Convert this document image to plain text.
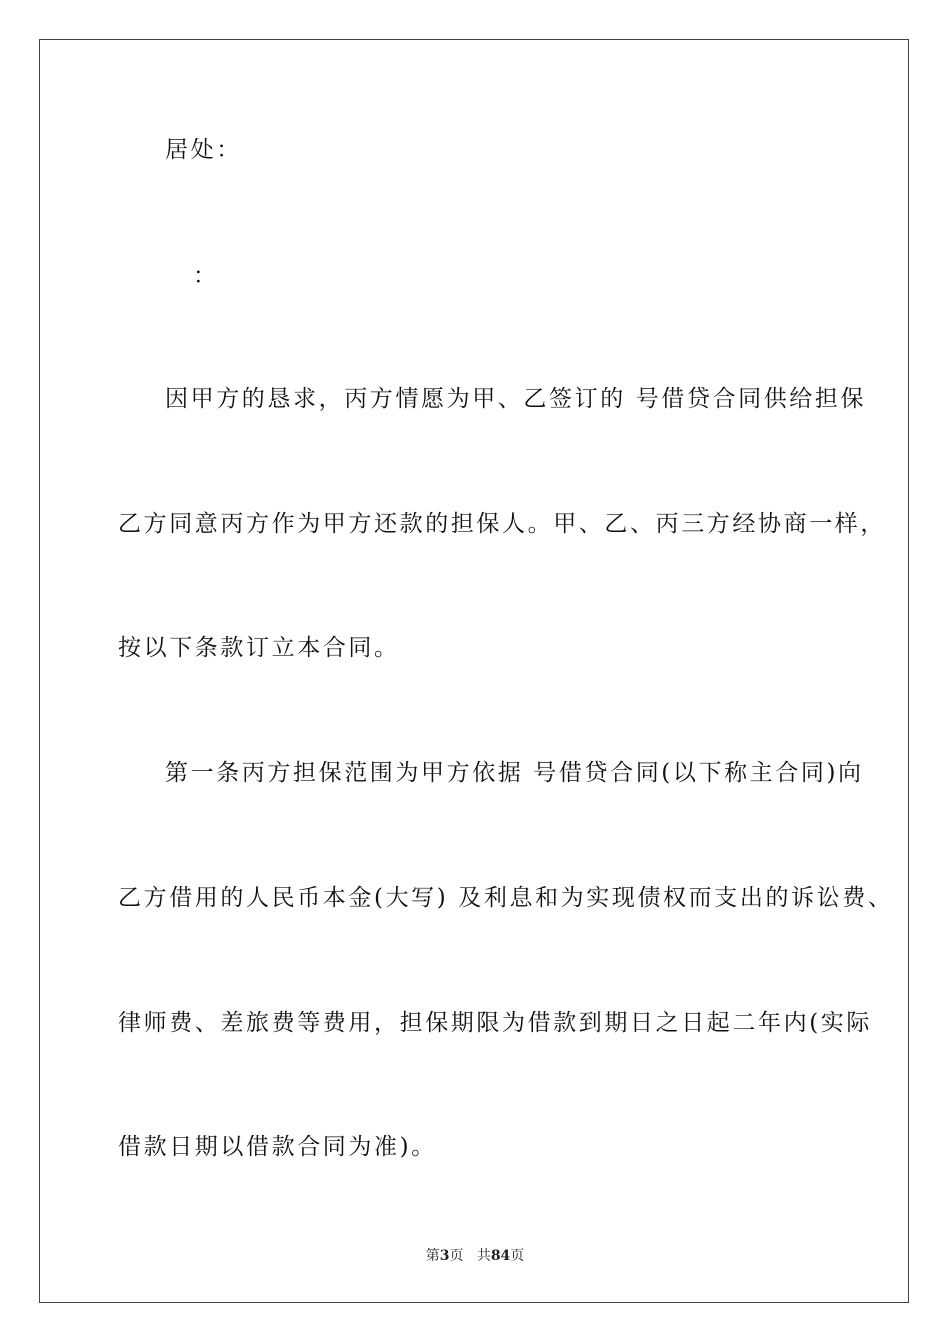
居处：
：
因甲方的恳求，丙方情愿为甲、乙签订的 号借贷合同供给担保
乙方同意丙方作为甲方还款的担保人。甲、乙、丙三方经协商一样，
按以下条款订立本合同。
第一条丙方担保范围为甲方依据 号借贷合同(以下称主合同)向
乙方借用的人民币本金(大写) 及利息和为实现债权而支出的诉讼费、
律师费、差旅费等费用，担保期限为借款到期日之日起二年内(实际
借款日期以借款合同为准)。
第3页 共84页
